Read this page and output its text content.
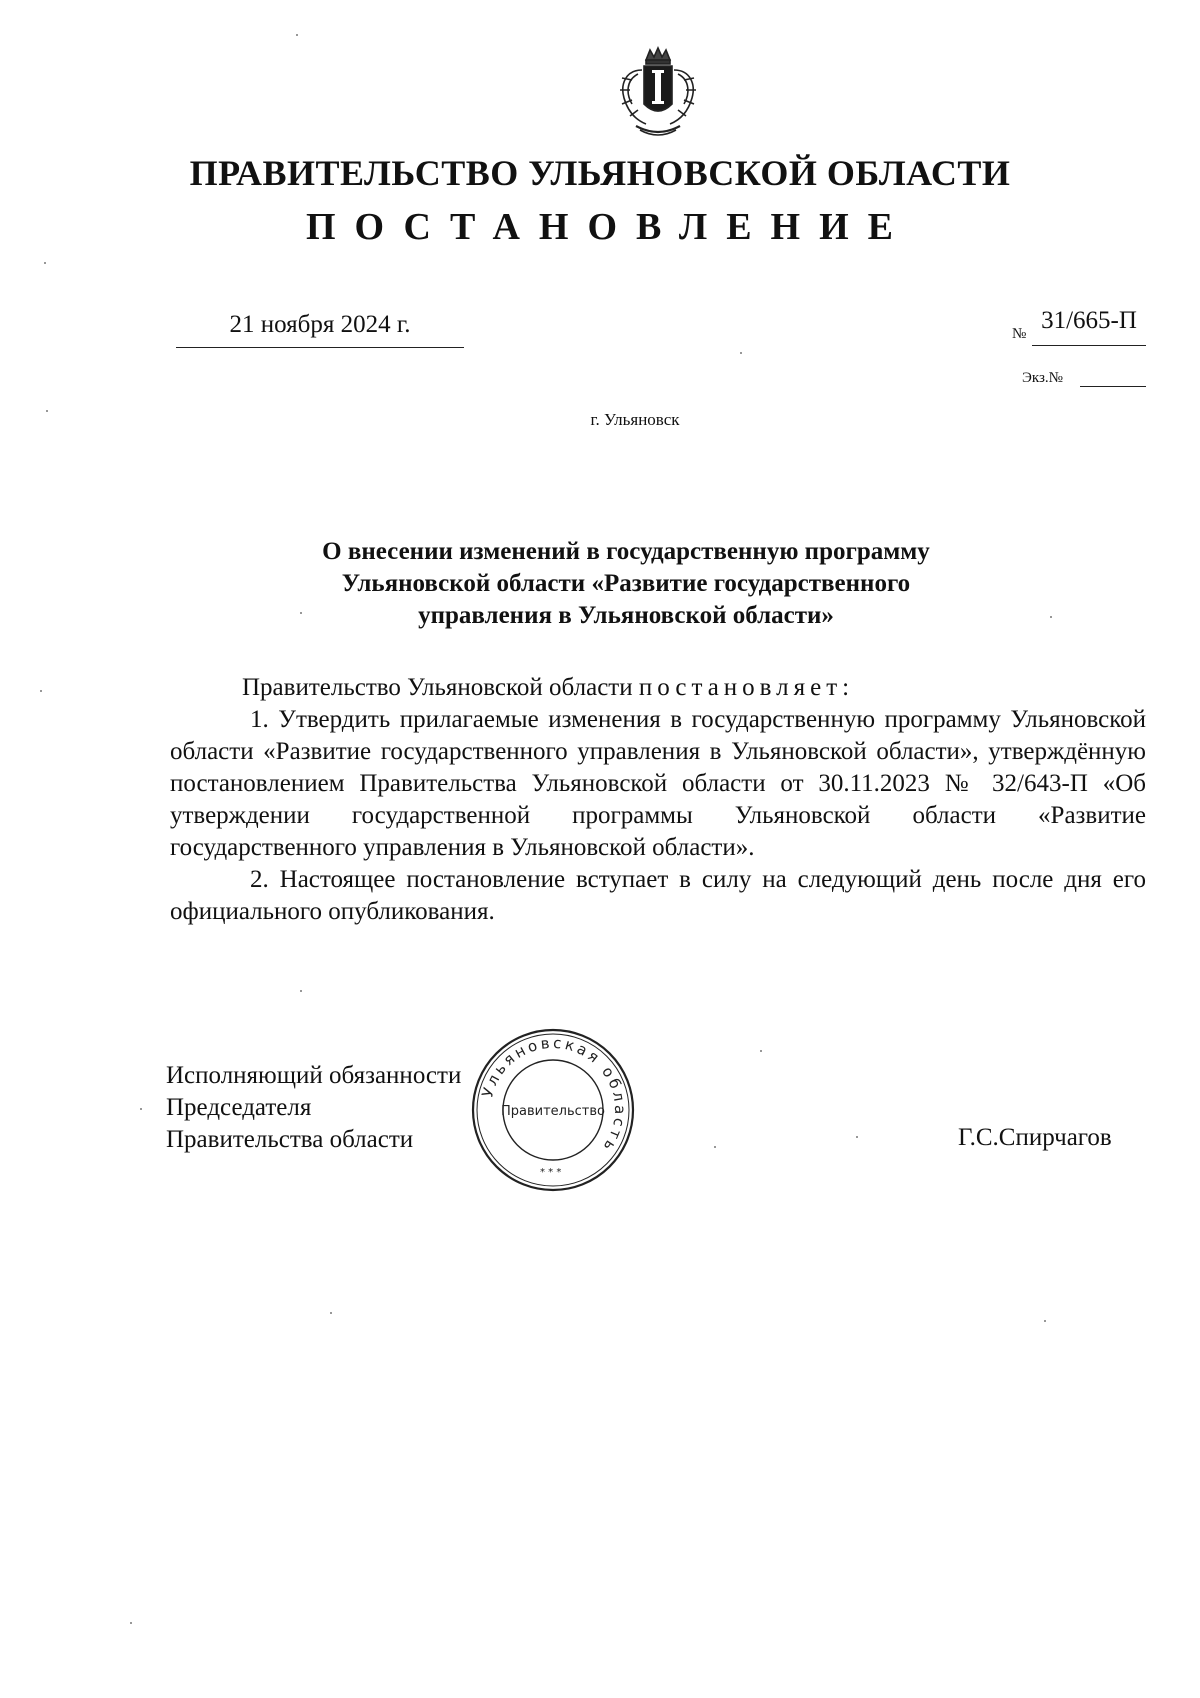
ПРАВИТЕЛЬСТВО УЛЬЯНОВСКОЙ ОБЛАСТИ
ПОСТАНОВЛЕНИЕ
21 ноября 2024 г.	№ 31/665-П
Экз.№
г. Ульяновск
О внесении изменений в государственную программу
Ульяновской области «Развитие государственного
управления в Ульяновской области»

Правительство Ульяновской области постановляет:

1. Утвердить прилагаемые изменения в государственную программу Ульяновской области «Развитие государственного управления в Ульяновской области», утверждённую постановлением Правительства Ульяновской области от 30.11.2023 № 32/643-П «Об утверждении государственной программы Ульяновской области «Развитие государственного управления в Ульяновской области».

2. Настоящее постановление вступает в силу на следующий день после дня его официального опубликования.

Исполняющий обязанности
Председателя
Правительства области
Ульяновская область
Правительство
* * *
Г.С.Спирчагов
